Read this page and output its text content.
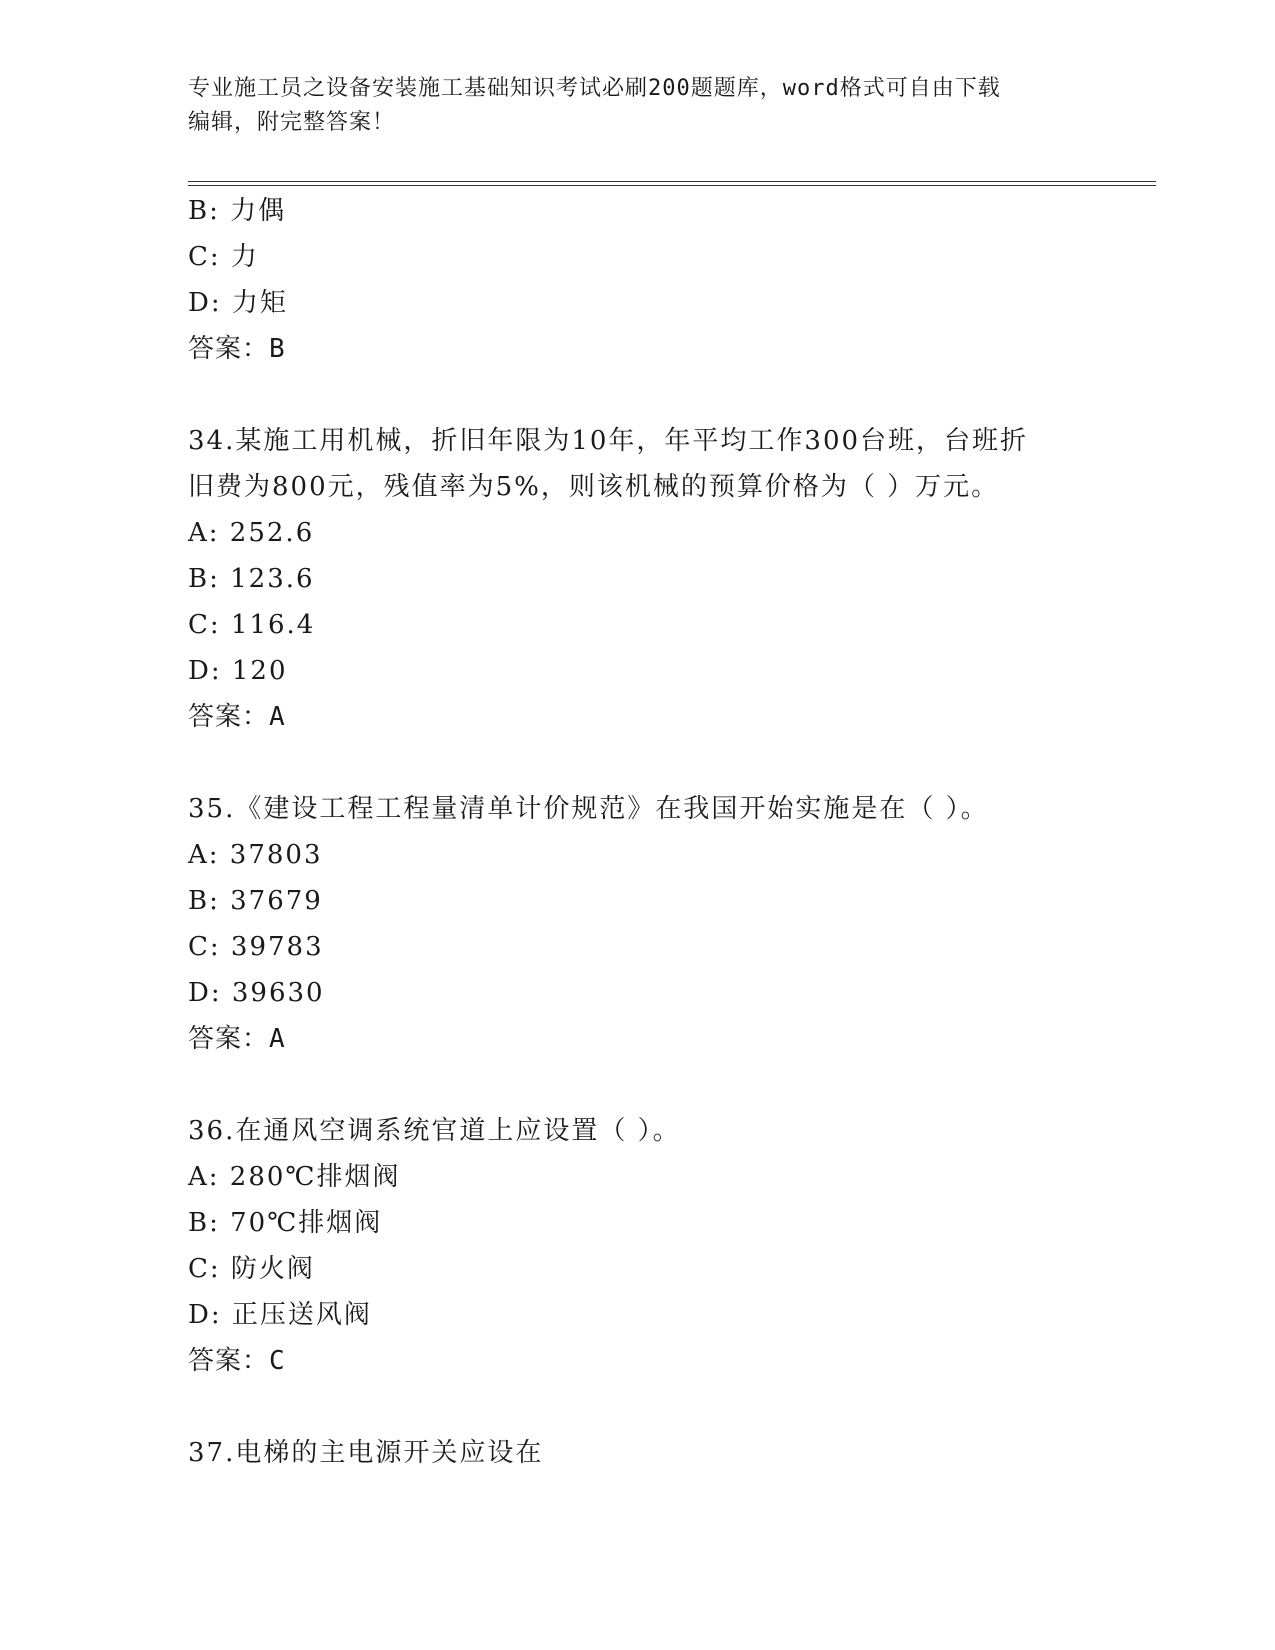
专业施工员之设备安装施工基础知识考试必刷200题题库，word格式可自由下载
编辑，附完整答案！
B: 力偶
C: 力
D: 力矩
答案：B
34.某施工用机械，折旧年限为10年，年平均工作300台班，台班折
旧费为800元，残值率为5%，则该机械的预算价格为（ ）万元。
A: 252.6
B: 123.6
C: 116.4
D: 120
答案：A
35.《建设工程工程量清单计价规范》在我国开始实施是在（ ）。
A: 37803
B: 37679
C: 39783
D: 39630
答案：A
36.在通风空调系统官道上应设置（ ）。
A: 280℃排烟阀
B: 70℃排烟阀
C: 防火阀
D: 正压送风阀
答案：C
37.电梯的主电源开关应设在
